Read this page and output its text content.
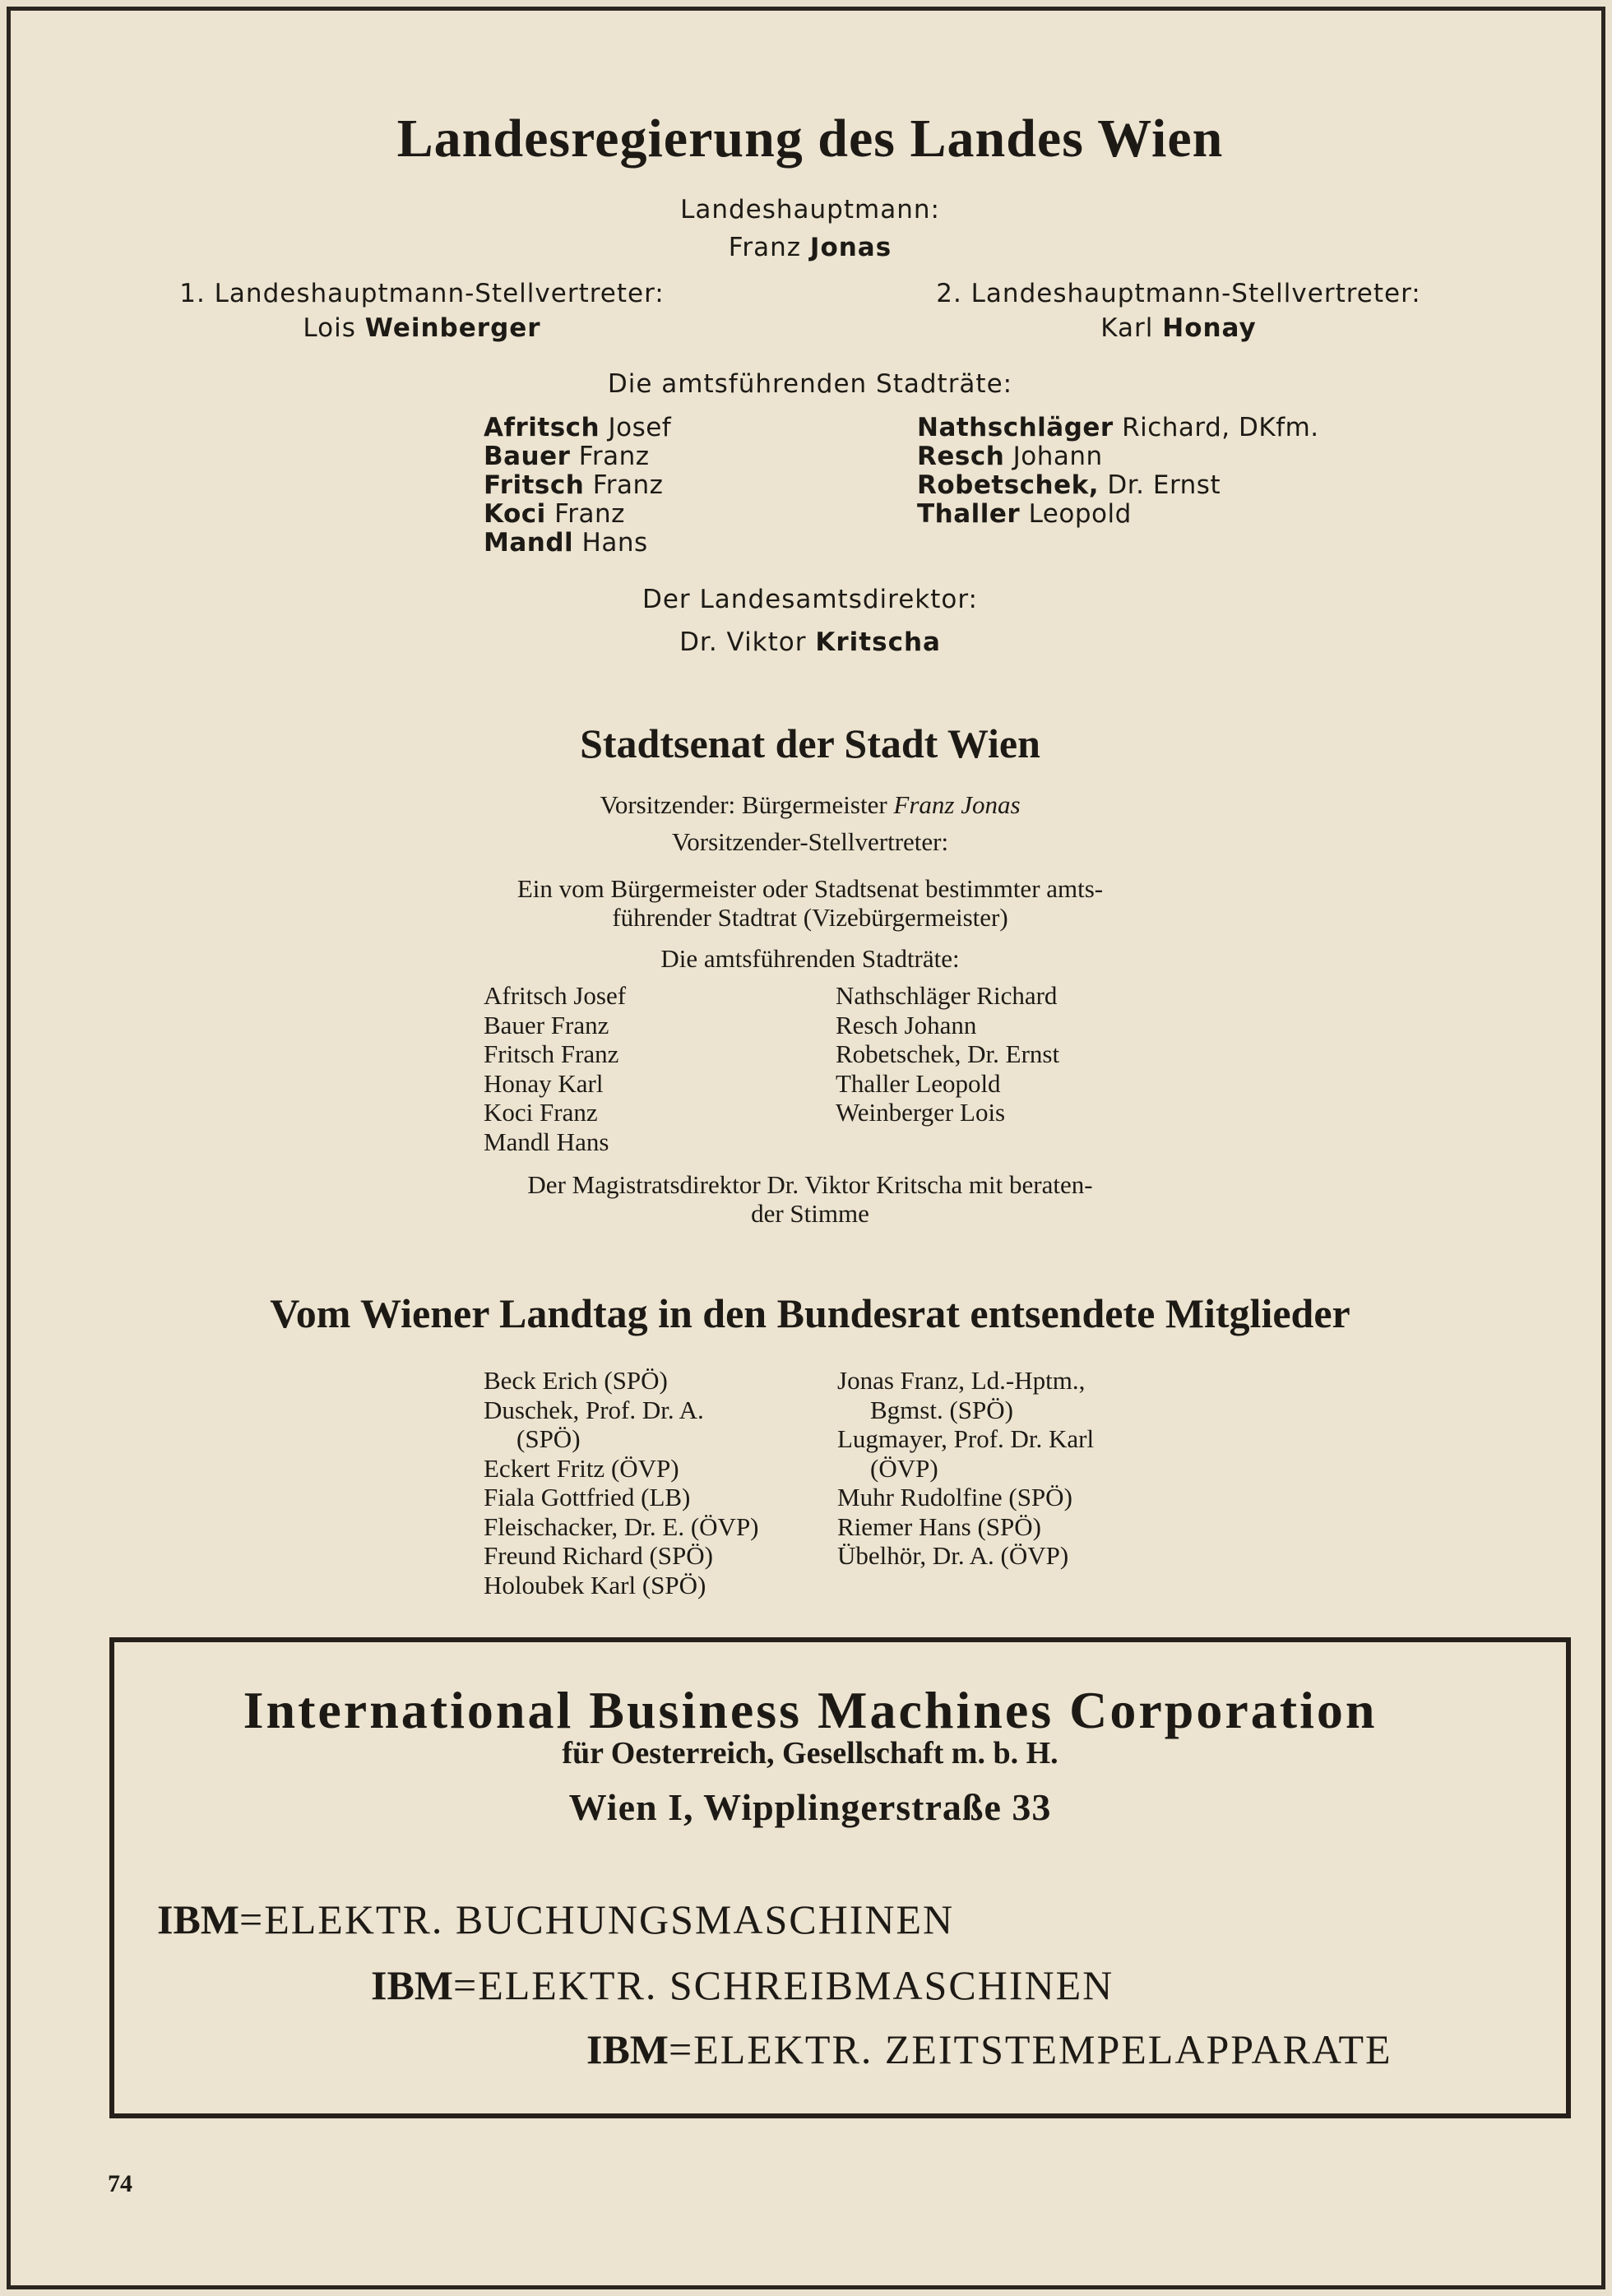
Landesregierung des Landes Wien
Landeshauptmann:
Franz Jonas
1. Landeshauptmann-Stellvertreter:
Lois Weinberger
2. Landeshauptmann-Stellvertreter:
Karl Honay
Die amtsführenden Stadträte:
Afritsch Josef
Bauer Franz
Fritsch Franz
Koci Franz
Mandl Hans
Nathschläger Richard, DKfm.
Resch Johann
Robetschek, Dr. Ernst
Thaller Leopold
Der Landesamtsdirektor:
Dr. Viktor Kritscha
Stadtsenat der Stadt Wien
Vorsitzender: Bürgermeister Franz Jonas
Vorsitzender-Stellvertreter:
Ein vom Bürgermeister oder Stadtsenat bestimmter amts-
führender Stadtrat (Vizebürgermeister)
Die amtsführenden Stadträte:
Afritsch Josef
Bauer Franz
Fritsch Franz
Honay Karl
Koci Franz
Mandl Hans
Nathschläger Richard
Resch Johann
Robetschek, Dr. Ernst
Thaller Leopold
Weinberger Lois
Der Magistratsdirektor Dr. Viktor Kritscha mit beraten-
der Stimme
Vom Wiener Landtag in den Bundesrat entsendete Mitglieder
Beck Erich (SPÖ)
Duschek, Prof. Dr. A.
(SPÖ)
Eckert Fritz (ÖVP)
Fiala Gottfried (LB)
Fleischacker, Dr. E. (ÖVP)
Freund Richard (SPÖ)
Holoubek Karl (SPÖ)
Jonas Franz, Ld.-Hptm.,
Bgmst. (SPÖ)
Lugmayer, Prof. Dr. Karl
(ÖVP)
Muhr Rudolfine (SPÖ)
Riemer Hans (SPÖ)
Übelhör, Dr. A. (ÖVP)
International Business Machines Corporation
für Oesterreich, Gesellschaft m. b. H.
Wien I, Wipplingerstraße 33
IBM=ELEKTR. BUCHUNGSMASCHINEN
IBM=ELEKTR. SCHREIBMASCHINEN
IBM=ELEKTR. ZEITSTEMPELAPPARATE
74
